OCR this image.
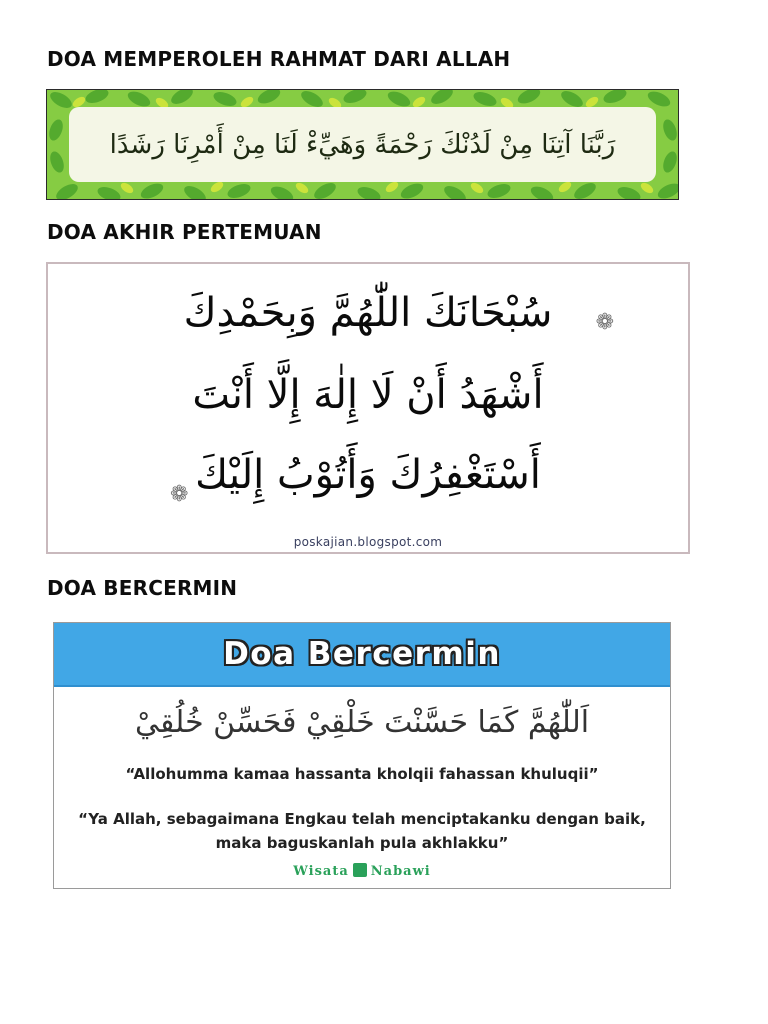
DOA MEMPEROLEH RAHMAT DARI ALLAH
رَبَّنَا آتِنَا مِنْ لَدُنْكَ رَحْمَةً وَهَيِّءْ لَنَا مِنْ أَمْرِنَا رَشَدًا
DOA AKHIR PERTEMUAN
سُبْحَانَكَ اللّٰهُمَّ وَبِحَمْدِكَ
أَشْهَدُ أَنْ لَا إِلٰهَ إِلَّا أَنْتَ
أَسْتَغْفِرُكَ وَأَتُوْبُ إِلَيْكَ
❁
❁
poskajian.blogspot.com
DOA BERCERMIN
Doa Bercermin
اَللّٰهُمَّ كَمَا حَسَّنْتَ خَلْقِيْ فَحَسِّنْ خُلُقِيْ
“Allohumma kamaa hassanta kholqii fahassan khuluqii”
“Ya Allah, sebagaimana Engkau telah menciptakanku dengan baik,
maka baguskanlah pula akhlakku”
Wisata Nabawi
